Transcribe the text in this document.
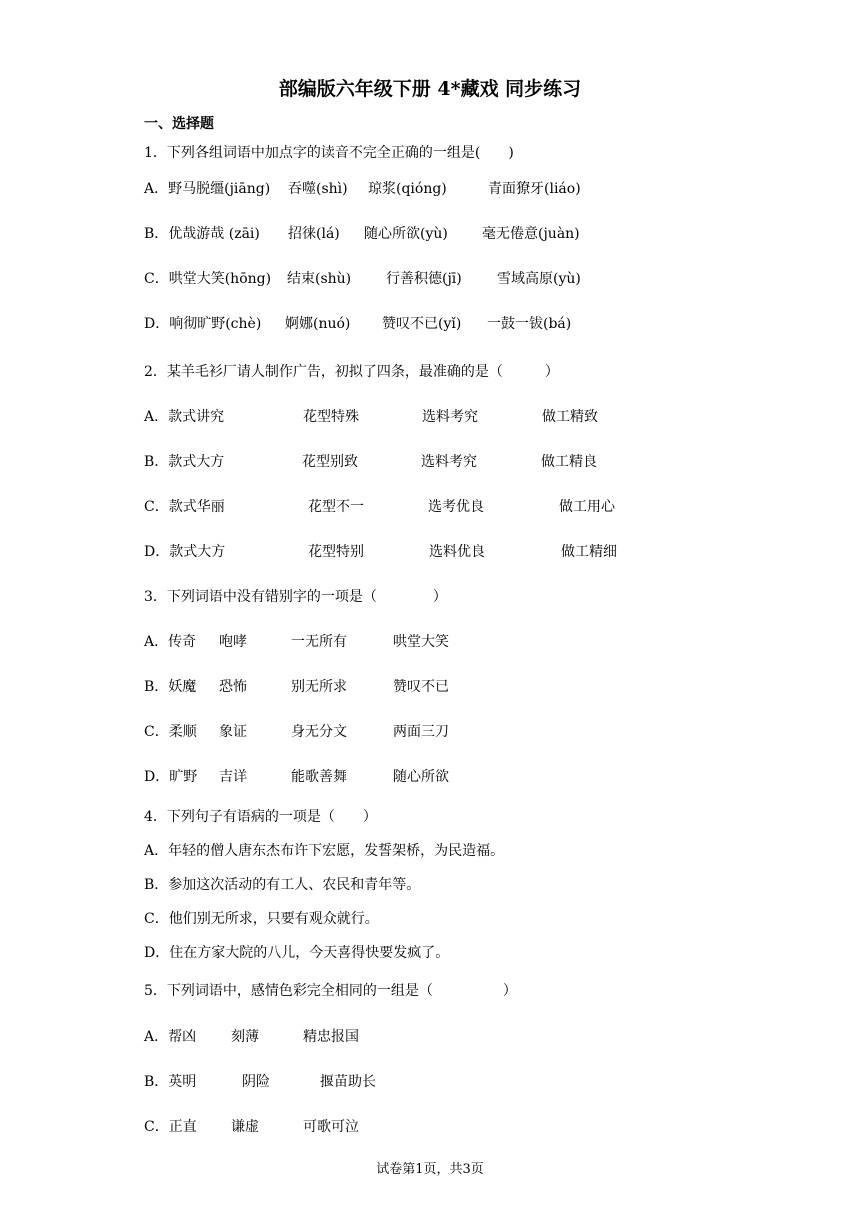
部编版六年级下册 4*藏戏 同步练习
一、选择题
1．下列各组词语中加点字的读音不完全正确的一组是(　　)
A．野马脱缰(jiāng) 吞噬(shì) 琼浆(qióng)	青面獠牙(liáo)
B．优哉游哉 (zāi) 招徕(lá) 随心所欲(yù) 毫无倦意(juàn)
C．哄堂大笑(hōng) 结束(shù) 行善积德(jī)	雪域高原(yù)
D．响彻旷野(chè) 婀娜(nuó) 赞叹不已(yǐ) 一鼓一钹(bá)
2．某羊毛衫厂请人制作广告，初拟了四条，最准确的是（　　　）
A．款式讲究	花型特殊	选料考究	做工精致
B．款式大方	花型别致	选料考究	做工精良
C．款式华丽	花型不一	选考优良	做工用心
D．款式大方	花型特别	选料优良	做工精细
3．下列词语中没有错别字的一项是（　　　　）
A．传奇 咆哮	一无所有	哄堂大笑
B．妖魔 恐怖	别无所求	赞叹不已
C．柔顺 象证	身无分文	两面三刀
D．旷野 吉详	能歌善舞	随心所欲
4．下列句子有语病的一项是（　　）
A．年轻的僧人唐东杰布许下宏愿，发誓架桥，为民造福。
B．参加这次活动的有工人、农民和青年等。
C．他们别无所求，只要有观众就行。
D．住在方家大院的八儿，今天喜得快要发疯了。
5．下列词语中，感情色彩完全相同的一组是（　　　　　）
A．帮凶 刻薄	精忠报国
B．英明	阴险	揠苗助长
C．正直 谦虚	可歌可泣
试卷第1页，共3页
